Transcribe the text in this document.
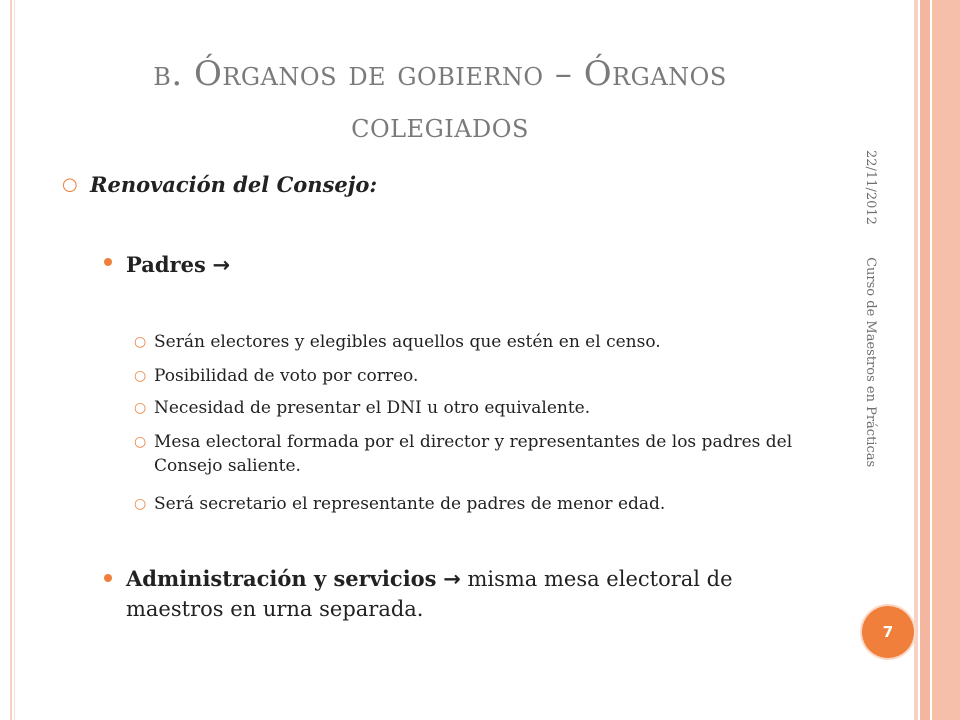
b. Órganos de gobierno – Órganos
colegiados
22/11/2012 Curso de Maestros en Prácticas
○ Renovación del Consejo:
Padres →
○ Serán electores y elegibles aquellos que estén en el censo.
○ Posibilidad de voto por correo.
○ Necesidad de presentar el DNI u otro equivalente.
○ Mesa electoral formada por el director y representantes de los padres del Consejo saliente.
○ Será secretario el representante de padres de menor edad.
Administración y servicios → misma mesa electoral de maestros en urna separada.
7
